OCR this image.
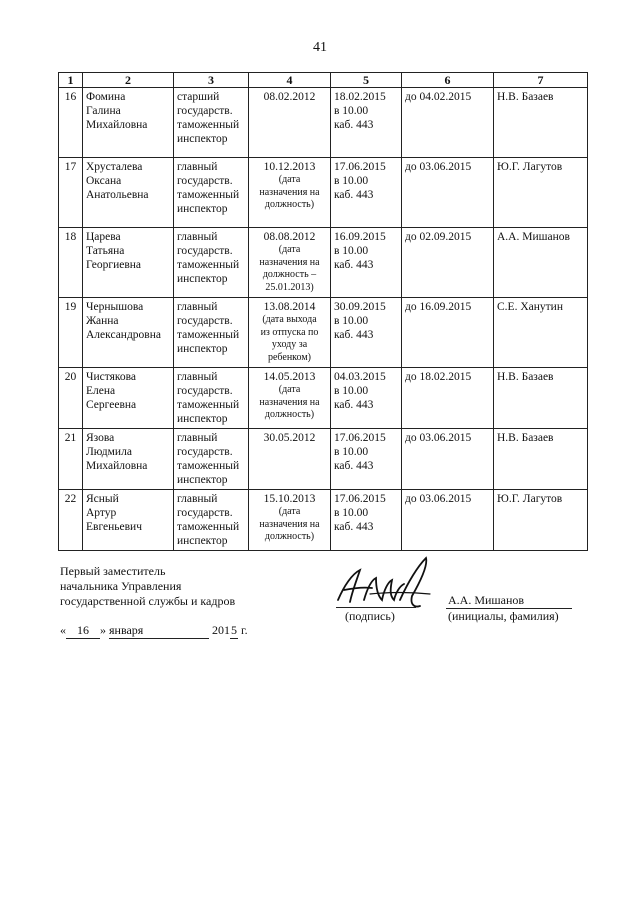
41
1	2	3	4	5	6	7
16	Фомина
Галина
Михайловна	старший
государств.
таможенный
инспектор	08.02.2012	18.02.2015
в 10.00
каб. 443	до 04.02.2015	Н.В. Базаев
17	Хрусталева
Оксана
Анатольевна	главный
государств.
таможенный
инспектор	10.12.2013
(дата
назначения на
должность)	17.06.2015
в 10.00
каб. 443	до 03.06.2015	Ю.Г. Лагутов
18	Царева
Татьяна
Георгиевна	главный
государств.
таможенный
инспектор	08.08.2012
(дата
назначения на
должность –
25.01.2013)	16.09.2015
в 10.00
каб. 443	до 02.09.2015	А.А. Мишанов
19	Чернышова
Жанна
Александровна	главный
государств.
таможенный
инспектор	13.08.2014
(дата выхода
из отпуска по
уходу за
ребенком)	30.09.2015
в 10.00
каб. 443	до 16.09.2015	С.Е. Ханутин
20	Чистякова
Елена
Сергеевна	главный
государств.
таможенный
инспектор	14.05.2013
(дата
назначения на
должность)	04.03.2015
в 10.00
каб. 443	до 18.02.2015	Н.В. Базаев
21	Язова
Людмила
Михайловна	главный
государств.
таможенный
инспектор	30.05.2012	17.06.2015
в 10.00
каб. 443	до 03.06.2015	Н.В. Базаев
22	Ясный
Артур
Евгеньевич	главный
государств.
таможенный
инспектор	15.10.2013
(дата
назначения на
должность)	17.06.2015
в 10.00
каб. 443	до 03.06.2015	Ю.Г. Лагутов
Первый заместитель
начальника Управления
государственной службы и кадров
(подпись)
А.А. Мишанов
(инициалы, фамилия)
« 16 » января	2015 г.
